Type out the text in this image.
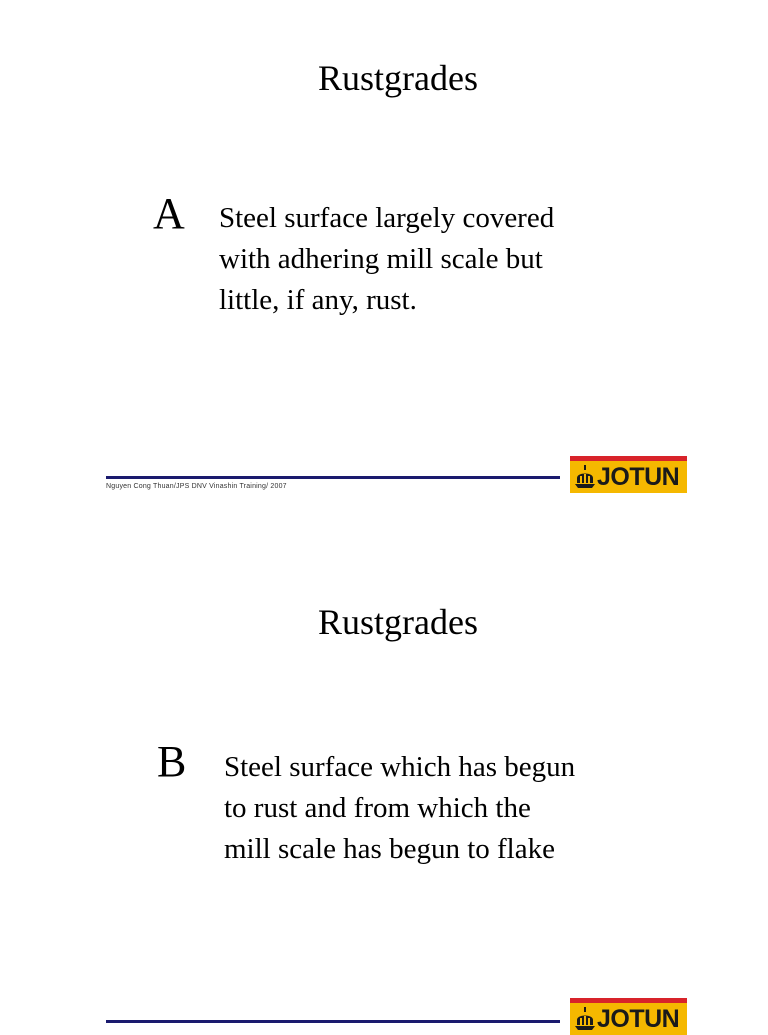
Rustgrades
A Steel surface largely covered
with adhering mill scale but
little, if any, rust.
Nguyen Cong Thuan/JPS DNV Vinashin Training/ 2007	JOTUN
Rustgrades
B Steel surface which has begun
to rust and from which the
mill scale has begun to flake
JOTUN
